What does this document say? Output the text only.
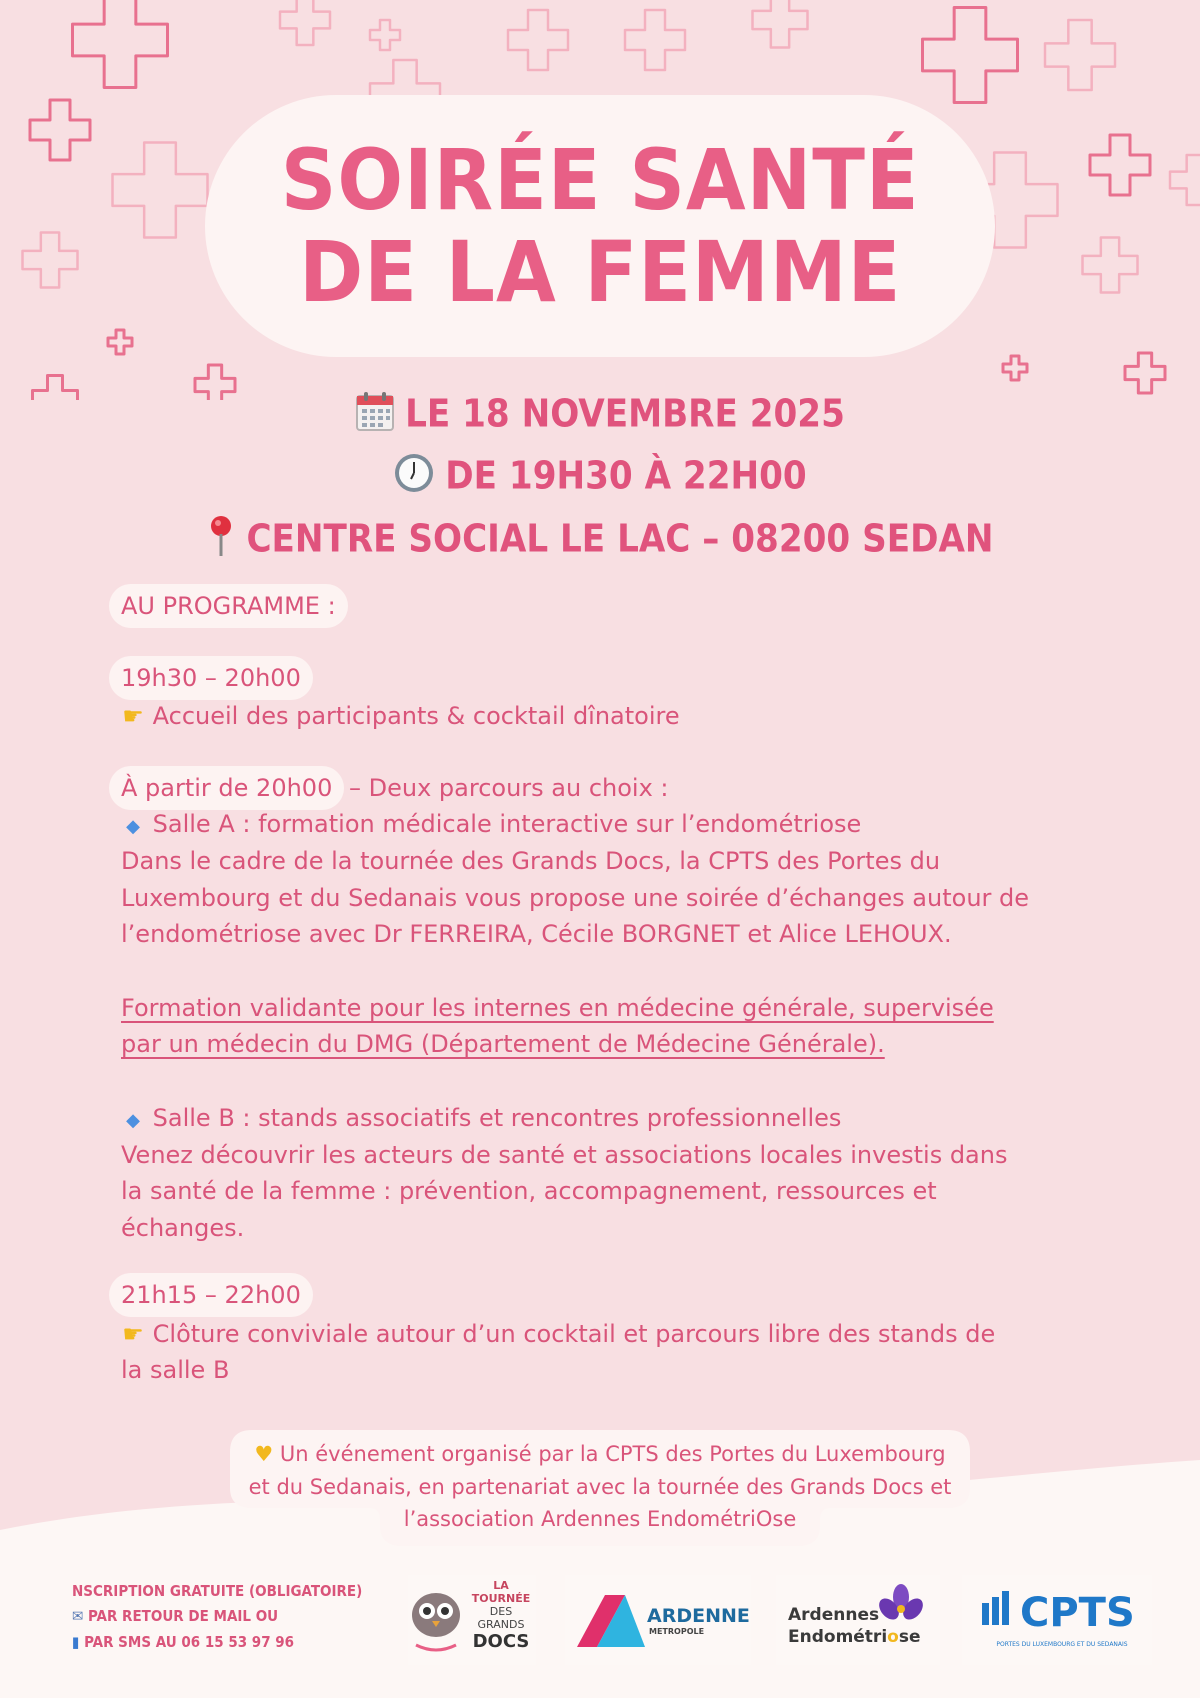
SOIRÉE SANTÉ
DE LA FEMME
LE 18 NOVEMBRE 2025
DE 19H30 À 22H00
CENTRE SOCIAL LE LAC – 08200 SEDAN
AU PROGRAMME :
19h30 – 20h00
☛ Accueil des participants & cocktail dînatoire
À partir de 20h00 – Deux parcours au choix :
◆ Salle A : formation médicale interactive sur l’endométriose
Dans le cadre de la tournée des Grands Docs, la CPTS des Portes du
Luxembourg et du Sedanais vous propose une soirée d’échanges autour de
l’endométriose avec Dr FERREIRA, Cécile BORGNET et Alice LEHOUX.
Formation validante pour les internes en médecine générale, supervisée
par un médecin du DMG (Département de Médecine Générale).
◆ Salle B : stands associatifs et rencontres professionnelles
Venez découvrir les acteurs de santé et associations locales investis dans
la santé de la femme : prévention, accompagnement, ressources et
échanges.
21h15 – 22h00
☛ Clôture conviviale autour d’un cocktail et parcours libre des stands de
la salle B
♥ Un événement organisé par la CPTS des Portes du Luxembourg
et du Sedanais, en partenariat avec la tournée des Grands Docs et
l’association Ardennes EndométriOse
NSCRIPTION GRATUITE (OBLIGATOIRE)
✉ PAR RETOUR DE MAIL OU
▮ PAR SMS AU 06 15 53 97 96
LA
TOURNÉE
DES
GRANDS
DOCS
ARDENNE
METROPOLE
Ardennes
Endométriose
CPTS
PORTES DU LUXEMBOURG ET DU SEDANAIS
